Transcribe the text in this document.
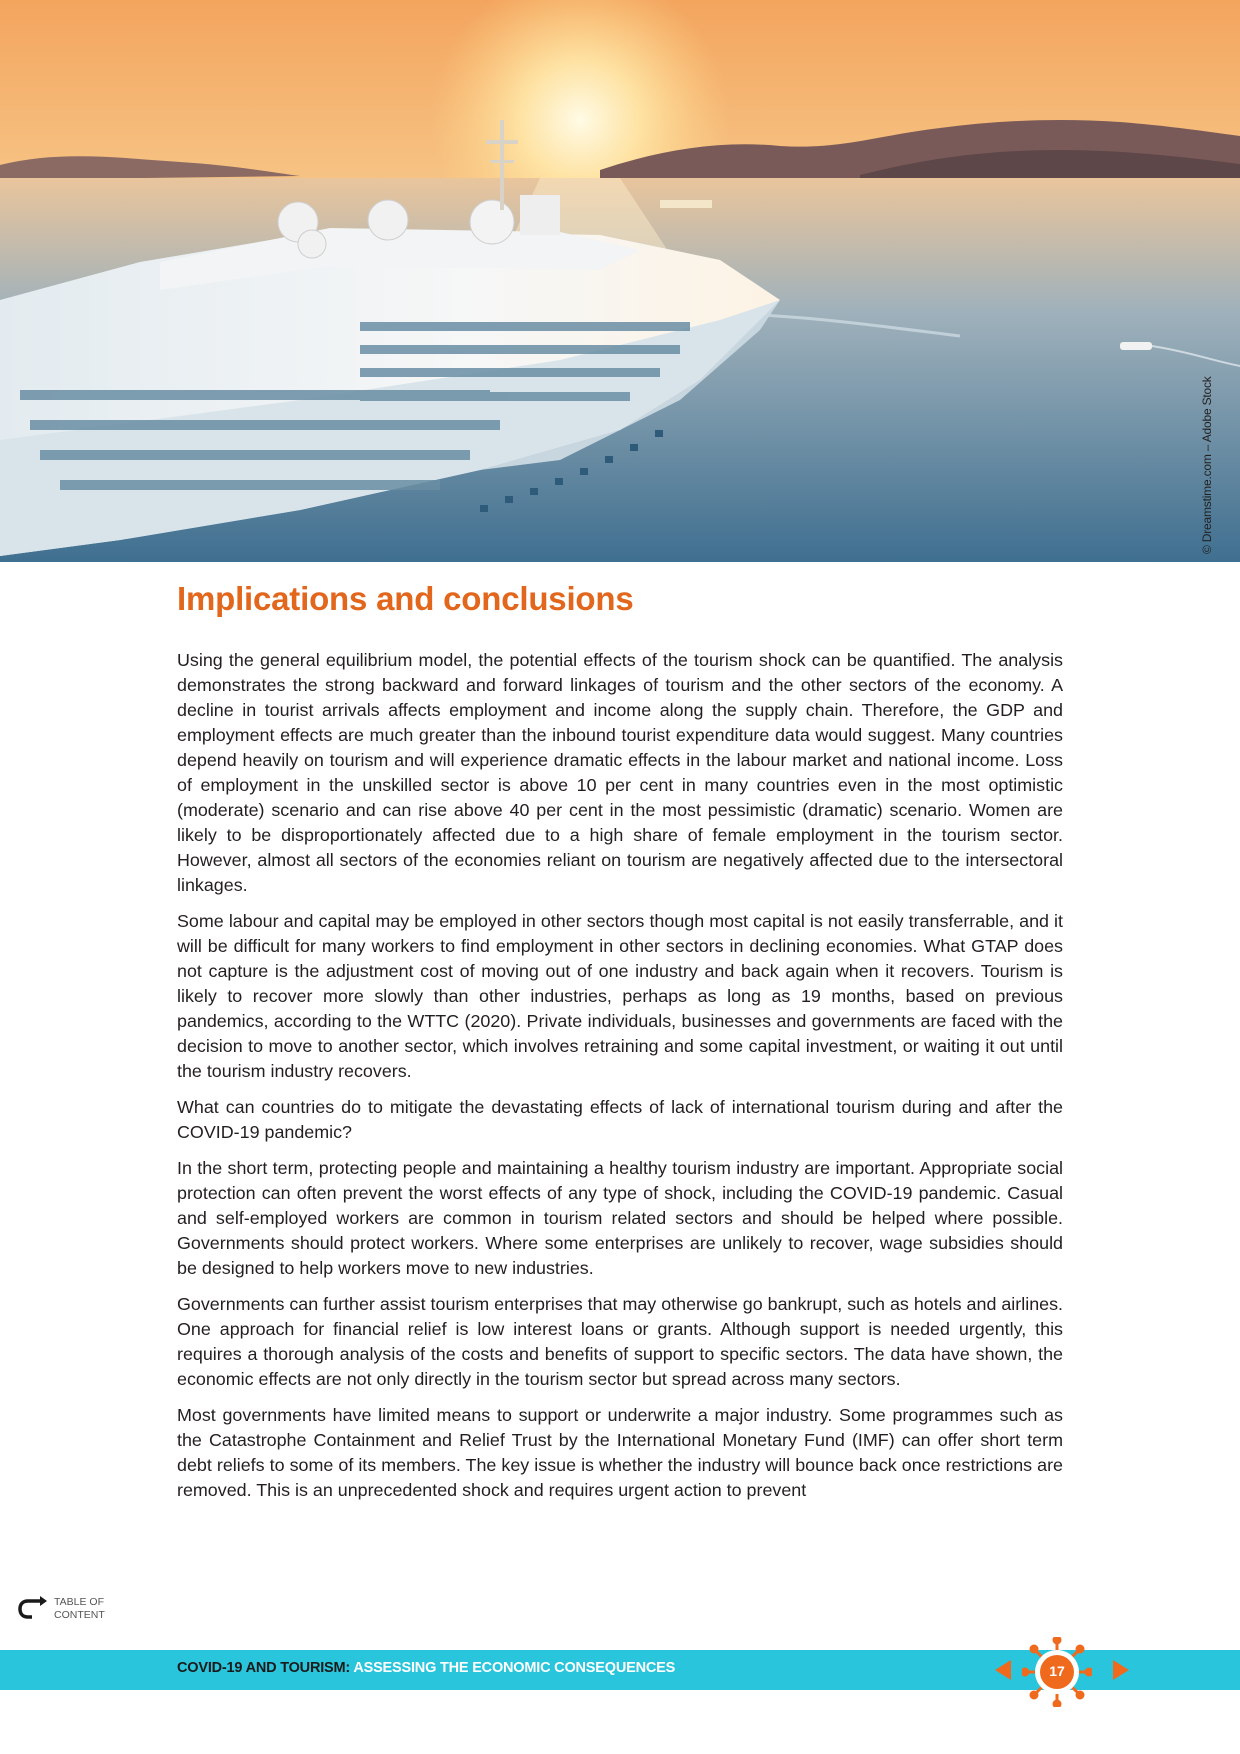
© Dreamstime.com – Adobe Stock
Implications and conclusions

Using the general equilibrium model, the potential effects of the tourism shock can be quantified. The analysis demonstrates the strong backward and forward linkages of tourism and the other sectors of the economy. A decline in tourist arrivals affects employment and income along the supply chain. Therefore, the GDP and employment effects are much greater than the inbound tourist expenditure data would suggest. Many countries depend heavily on tourism and will experience dramatic effects in the labour market and national income. Loss of employment in the unskilled sector is above 10 per cent in many countries even in the most optimistic (moderate) scenario and can rise above 40 per cent in the most pessimistic (dramatic) scenario. Women are likely to be disproportionately affected due to a high share of female employment in the tourism sector. However, almost all sectors of the economies reliant on tourism are negatively affected due to the intersectoral linkages.

Some labour and capital may be employed in other sectors though most capital is not easily transferrable, and it will be difficult for many workers to find employment in other sectors in declining economies. What GTAP does not capture is the adjustment cost of moving out of one industry and back again when it recovers. Tourism is likely to recover more slowly than other industries, perhaps as long as 19 months, based on previous pandemics, according to the WTTC (2020). Private individuals, businesses and governments are faced with the decision to move to another sector, which involves retraining and some capital investment, or waiting it out until the tourism industry recovers.

What can countries do to mitigate the devastating effects of lack of international tourism during and after the COVID-19 pandemic?

In the short term, protecting people and maintaining a healthy tourism industry are important. Appropriate social protection can often prevent the worst effects of any type of shock, including the COVID-19 pandemic. Casual and self-employed workers are common in tourism related sectors and should be helped where possible. Governments should protect workers. Where some enterprises are unlikely to recover, wage subsidies should be designed to help workers move to new industries.

Governments can further assist tourism enterprises that may otherwise go bankrupt, such as hotels and airlines. One approach for financial relief is low interest loans or grants. Although support is needed urgently, this requires a thorough analysis of the costs and benefits of support to specific sectors. The data have shown, the economic effects are not only directly in the tourism sector but spread across many sectors.

Most governments have limited means to support or underwrite a major industry. Some programmes such as the Catastrophe Containment and Relief Trust by the International Monetary Fund (IMF) can offer short term debt reliefs to some of its members. The key issue is whether the industry will bounce back once restrictions are removed. This is an unprecedented shock and requires urgent action to prevent

TABLE OF
CONTENT
COVID-19 AND TOURISM: ASSESSING THE ECONOMIC CONSEQUENCES	17
